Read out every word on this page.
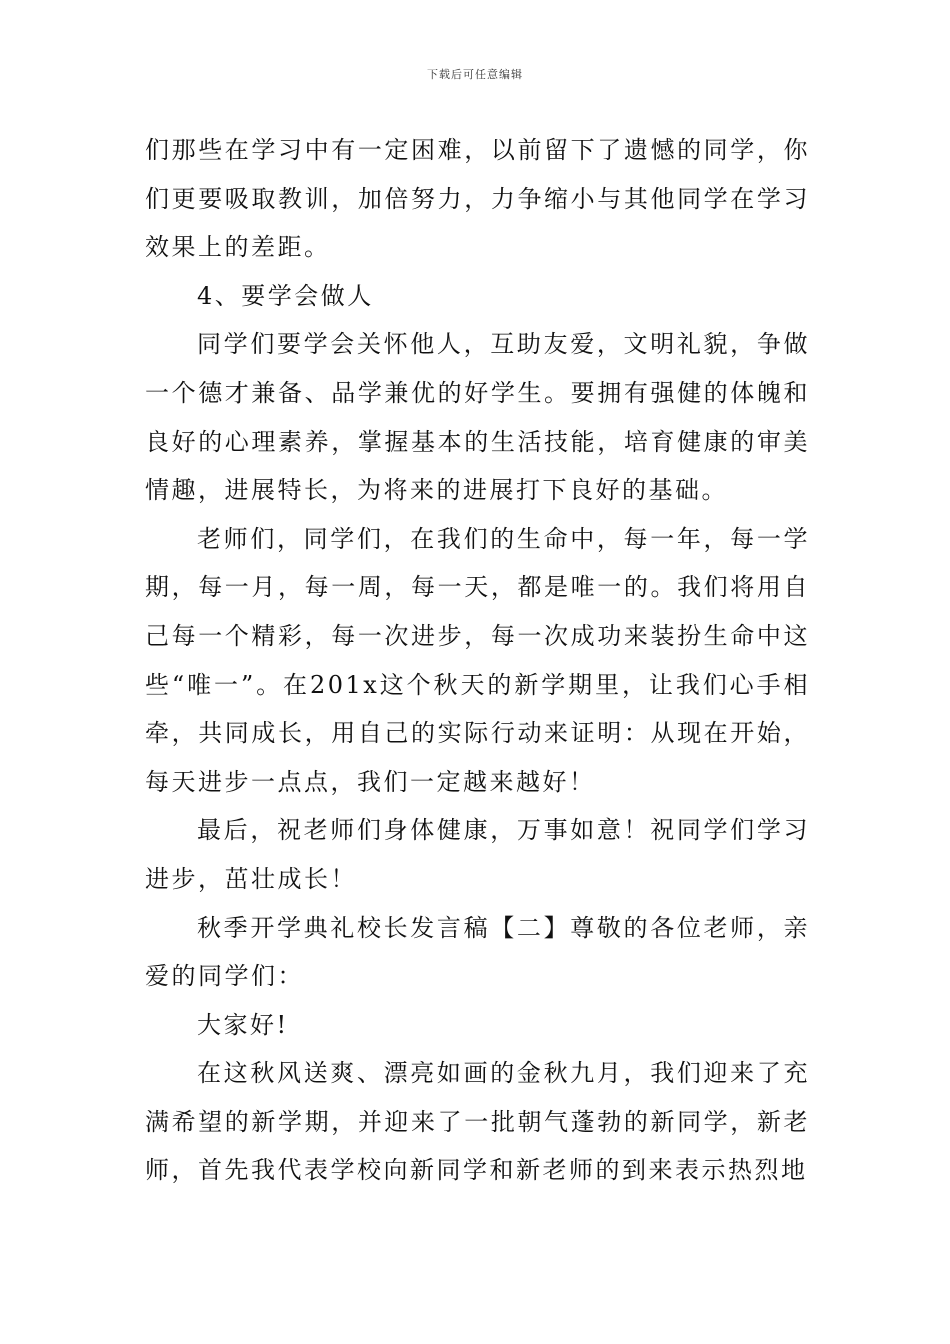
下载后可任意编辑

们那些在学习中有一定困难，以前留下了遗憾的同学，你们更要吸取教训，加倍努力，力争缩小与其他同学在学习效果上的差距。

4、要学会做人

同学们要学会关怀他人，互助友爱，文明礼貌，争做一个德才兼备、品学兼优的好学生。要拥有强健的体魄和良好的心理素养，掌握基本的生活技能，培育健康的审美情趣，进展特长，为将来的进展打下良好的基础。

老师们，同学们，在我们的生命中，每一年，每一学期，每一月，每一周，每一天，都是唯一的。我们将用自己每一个精彩，每一次进步，每一次成功来装扮生命中这些“唯一”。在201x这个秋天的新学期里，让我们心手相牵，共同成长，用自己的实际行动来证明：从现在开始，每天进步一点点，我们一定越来越好！

最后，祝老师们身体健康，万事如意！祝同学们学习进步，茁壮成长！

秋季开学典礼校长发言稿【二】尊敬的各位老师，亲爱的同学们：

大家好!

在这秋风送爽、漂亮如画的金秋九月，我们迎来了充满希望的新学期，并迎来了一批朝气蓬勃的新同学，新老师，首先我代表学校向新同学和新老师的到来表示热烈地
